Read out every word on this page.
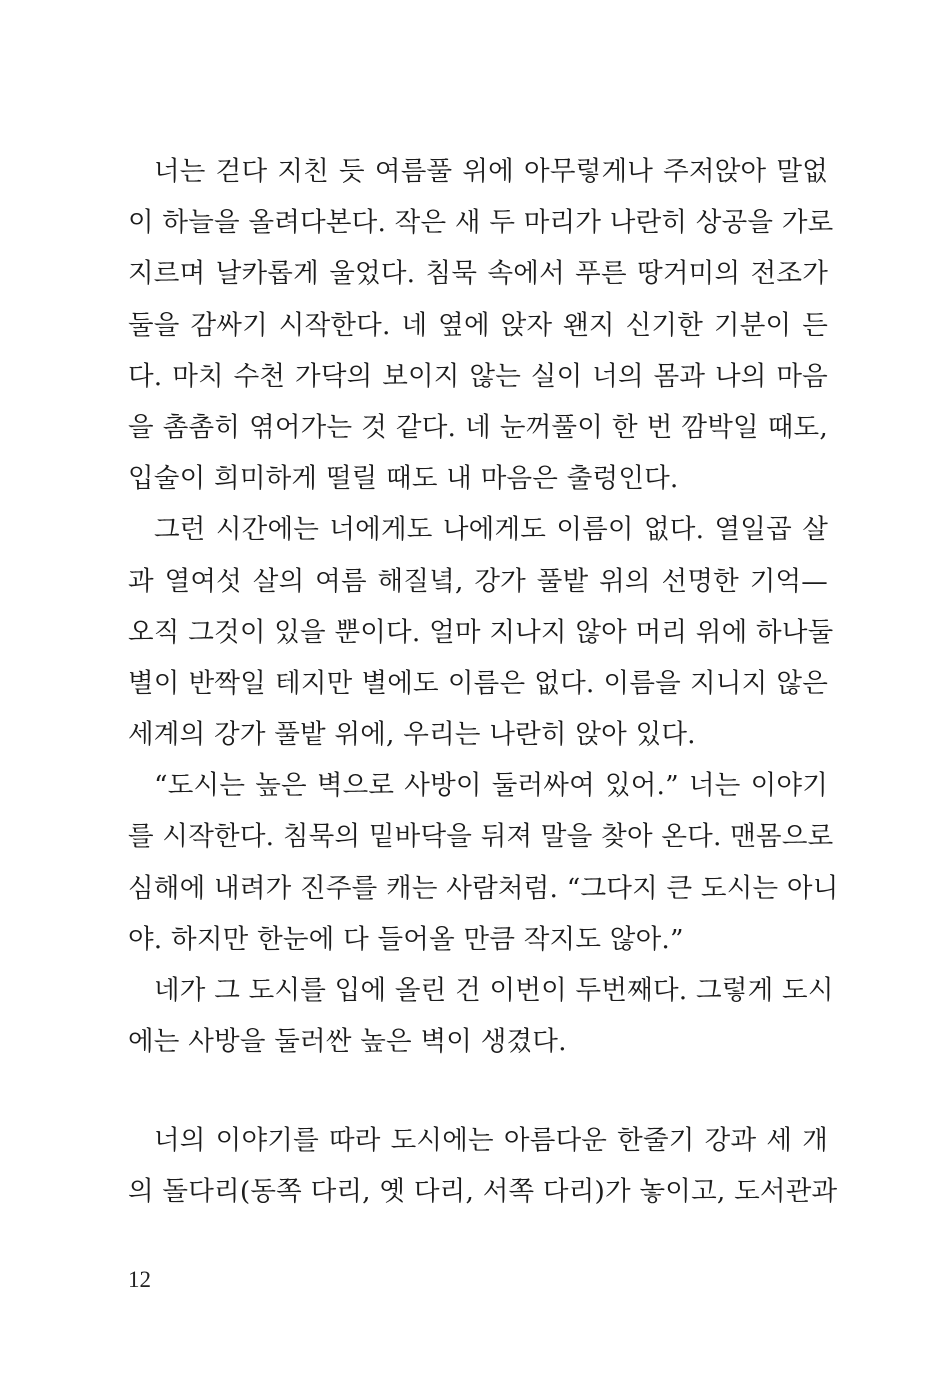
너는 걷다 지친 듯 여름풀 위에 아무렇게나 주저앉아 말없
이 하늘을 올려다본다. 작은 새 두 마리가 나란히 상공을 가로
지르며 날카롭게 울었다. 침묵 속에서 푸른 땅거미의 전조가
둘을 감싸기 시작한다. 네 옆에 앉자 왠지 신기한 기분이 든
다. 마치 수천 가닥의 보이지 않는 실이 너의 몸과 나의 마음
을 촘촘히 엮어가는 것 같다. 네 눈꺼풀이 한 번 깜박일 때도,
입술이 희미하게 떨릴 때도 내 마음은 출렁인다.
그런 시간에는 너에게도 나에게도 이름이 없다. 열일곱 살
과 열여섯 살의 여름 해질녘, 강가 풀밭 위의 선명한 기억—
오직 그것이 있을 뿐이다. 얼마 지나지 않아 머리 위에 하나둘
별이 반짝일 테지만 별에도 이름은 없다. 이름을 지니지 않은
세계의 강가 풀밭 위에, 우리는 나란히 앉아 있다.
“도시는 높은 벽으로 사방이 둘러싸여 있어.” 너는 이야기
를 시작한다. 침묵의 밑바닥을 뒤져 말을 찾아 온다. 맨몸으로
심해에 내려가 진주를 캐는 사람처럼. “그다지 큰 도시는 아니
야. 하지만 한눈에 다 들어올 만큼 작지도 않아.”
네가 그 도시를 입에 올린 건 이번이 두번째다. 그렇게 도시
에는 사방을 둘러싼 높은 벽이 생겼다.
너의 이야기를 따라 도시에는 아름다운 한줄기 강과 세 개
의 돌다리(동쪽 다리, 옛 다리, 서쪽 다리)가 놓이고, 도서관과
12
